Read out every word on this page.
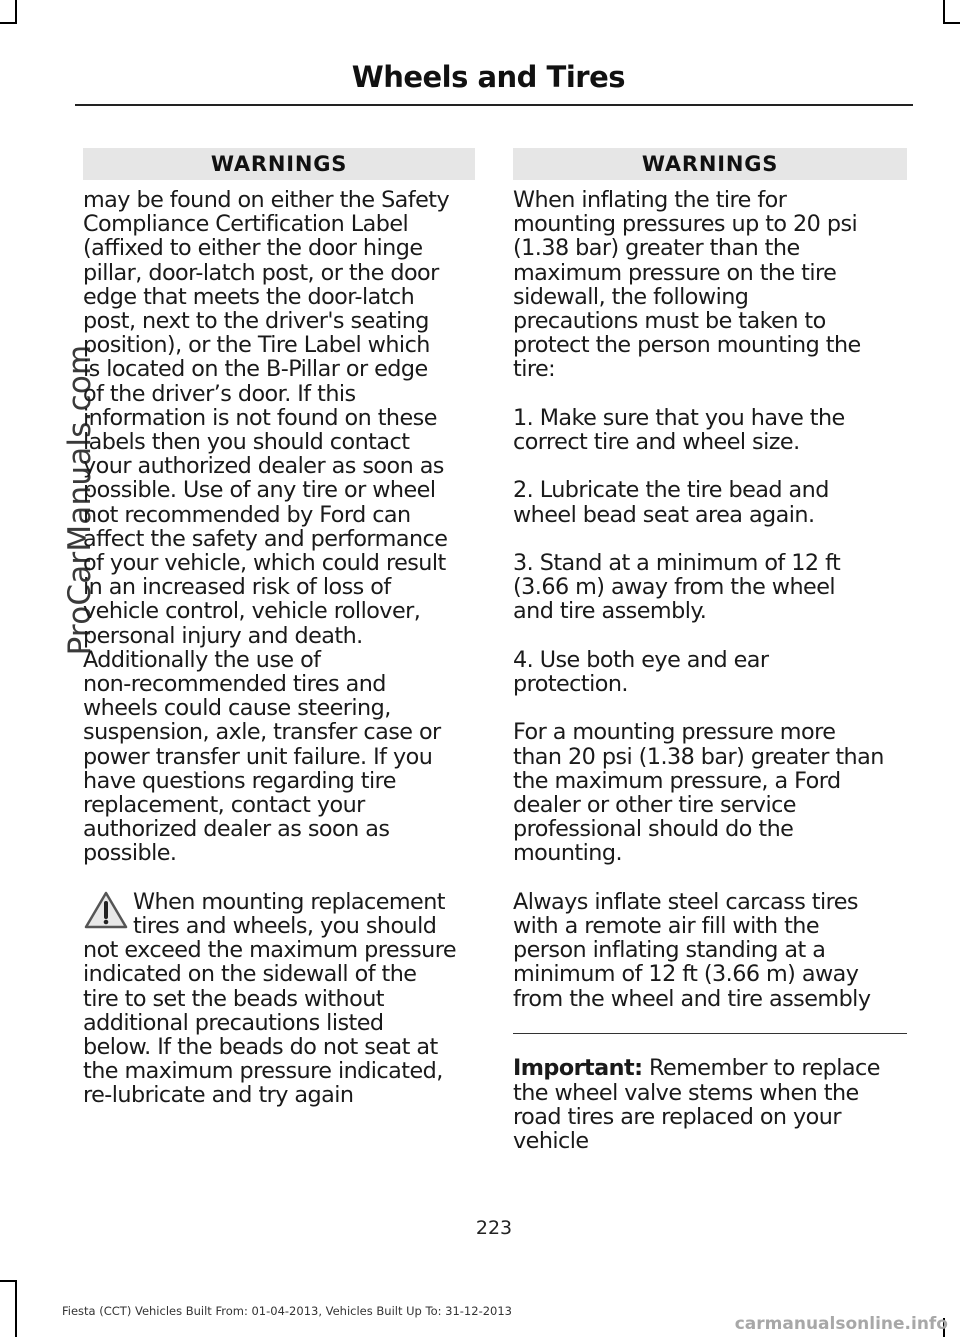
ProCarManuals.com
Wheels and Tires
WARNINGS

may be found on either the Safety
Compliance Certification Label
(affixed to either the door hinge
pillar, door-latch post, or the door
edge that meets the door-latch
post, next to the driver's seating
position), or the Tire Label which
is located on the B-Pillar or edge
of the driver’s door. If this
information is not found on these
labels then you should contact
your authorized dealer as soon as
possible. Use of any tire or wheel
not recommended by Ford can
affect the safety and performance
of your vehicle, which could result
in an increased risk of loss of
vehicle control, vehicle rollover,
personal injury and death.
Additionally the use of
non-recommended tires and
wheels could cause steering,
suspension, axle, transfer case or
power transfer unit failure. If you
have questions regarding tire
replacement, contact your
authorized dealer as soon as
possible.

When mounting replacement
tires and wheels, you should
not exceed the maximum pressure
indicated on the sidewall of the
tire to set the beads without
additional precautions listed
below. If the beads do not seat at
the maximum pressure indicated,
re-lubricate and try again

WARNINGS

When inflating the tire for
mounting pressures up to 20 psi
(1.38 bar) greater than the
maximum pressure on the tire
sidewall, the following
precautions must be taken to
protect the person mounting the
tire:

1. Make sure that you have the
correct tire and wheel size.

2. Lubricate the tire bead and
wheel bead seat area again.

3. Stand at a minimum of 12 ft
(3.66 m) away from the wheel
and tire assembly.

4. Use both eye and ear
protection.

For a mounting pressure more
than 20 psi (1.38 bar) greater than
the maximum pressure, a Ford
dealer or other tire service
professional should do the
mounting.

Always inflate steel carcass tires
with a remote air fill with the
person inflating standing at a
minimum of 12 ft (3.66 m) away
from the wheel and tire assembly

Important: Remember to replace
the wheel valve stems when the
road tires are replaced on your
vehicle

223
Fiesta (CCT) Vehicles Built From: 01-04-2013, Vehicles Built Up To: 31-12-2013
carmanualsonline.info
